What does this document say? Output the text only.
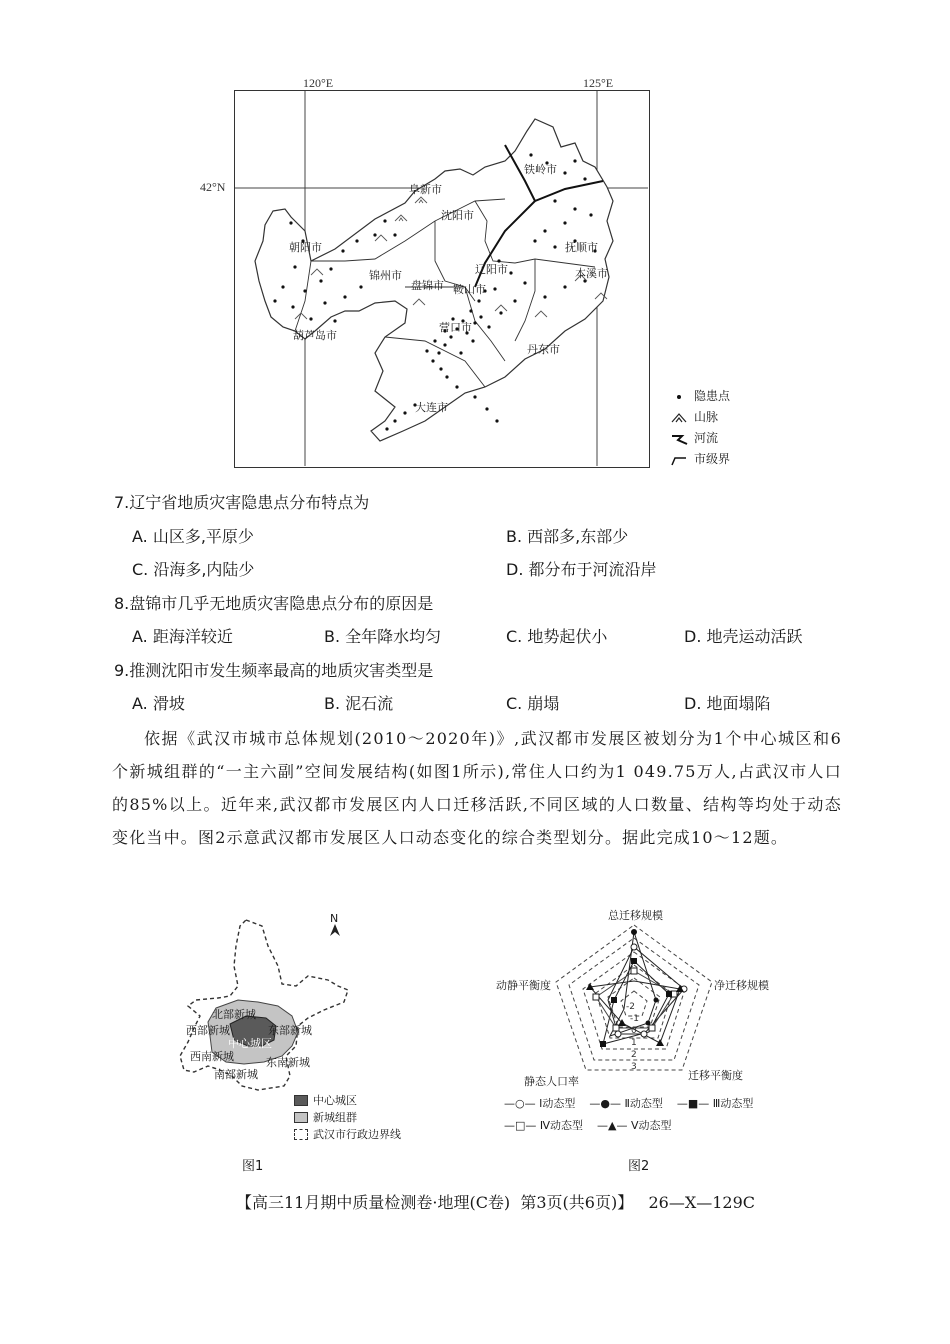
120°E	125°E
42°N
铁岭市
阜新市
沈阳市
朝阳市	抚顺市
锦州市	辽阳市	本溪市
盘锦市 鞍山市
葫芦岛市
营口市
丹东市
大连市
隐患点
山脉
河流
市级界
7.辽宁省地质灾害隐患点分布特点为
A. 山区多,平原少	B. 西部多,东部少
C. 沿海多,内陆少	D. 都分布于河流沿岸
8.盘锦市几乎无地质灾害隐患点分布的原因是
A. 距海洋较近	B. 全年降水均匀	C. 地势起伏小	D. 地壳运动活跃
9.推测沈阳市发生频率最高的地质灾害类型是
A. 滑坡	B. 泥石流	C. 崩塌	D. 地面塌陷

依据《武汉市城市总体规划(2010～2020年)》,武汉都市发展区被划分为1个中心城区和6个新城组群的“一主六副”空间发展结构(如图1所示),常住人口约为1 049.75万人,占武汉市人口的85%以上。近年来,武汉都市发展区内人口迁移活跃,不同区域的人口数量、结构等均处于动态变化当中。图2示意武汉都市发展区人口动态变化的综合类型划分。据此完成10～12题。

N
北部新城
西部新城	东部新城
中心城区
西南新城	东南新城
南部新城
中心城区
新城组群
武汉市行政边界线
图1
-2
-1
0
1
2
3
总迁移规模
净迁移规模
迁移平衡度
静态人口率
动静平衡度
—○— Ⅰ动态型 —●— Ⅱ动态型 —■— Ⅲ动态型
—□— Ⅳ动态型 —▲— Ⅴ动态型
图2
【高三11月期中质量检测卷·地理(C卷) 第3页(共6页)】 26—X—129C
